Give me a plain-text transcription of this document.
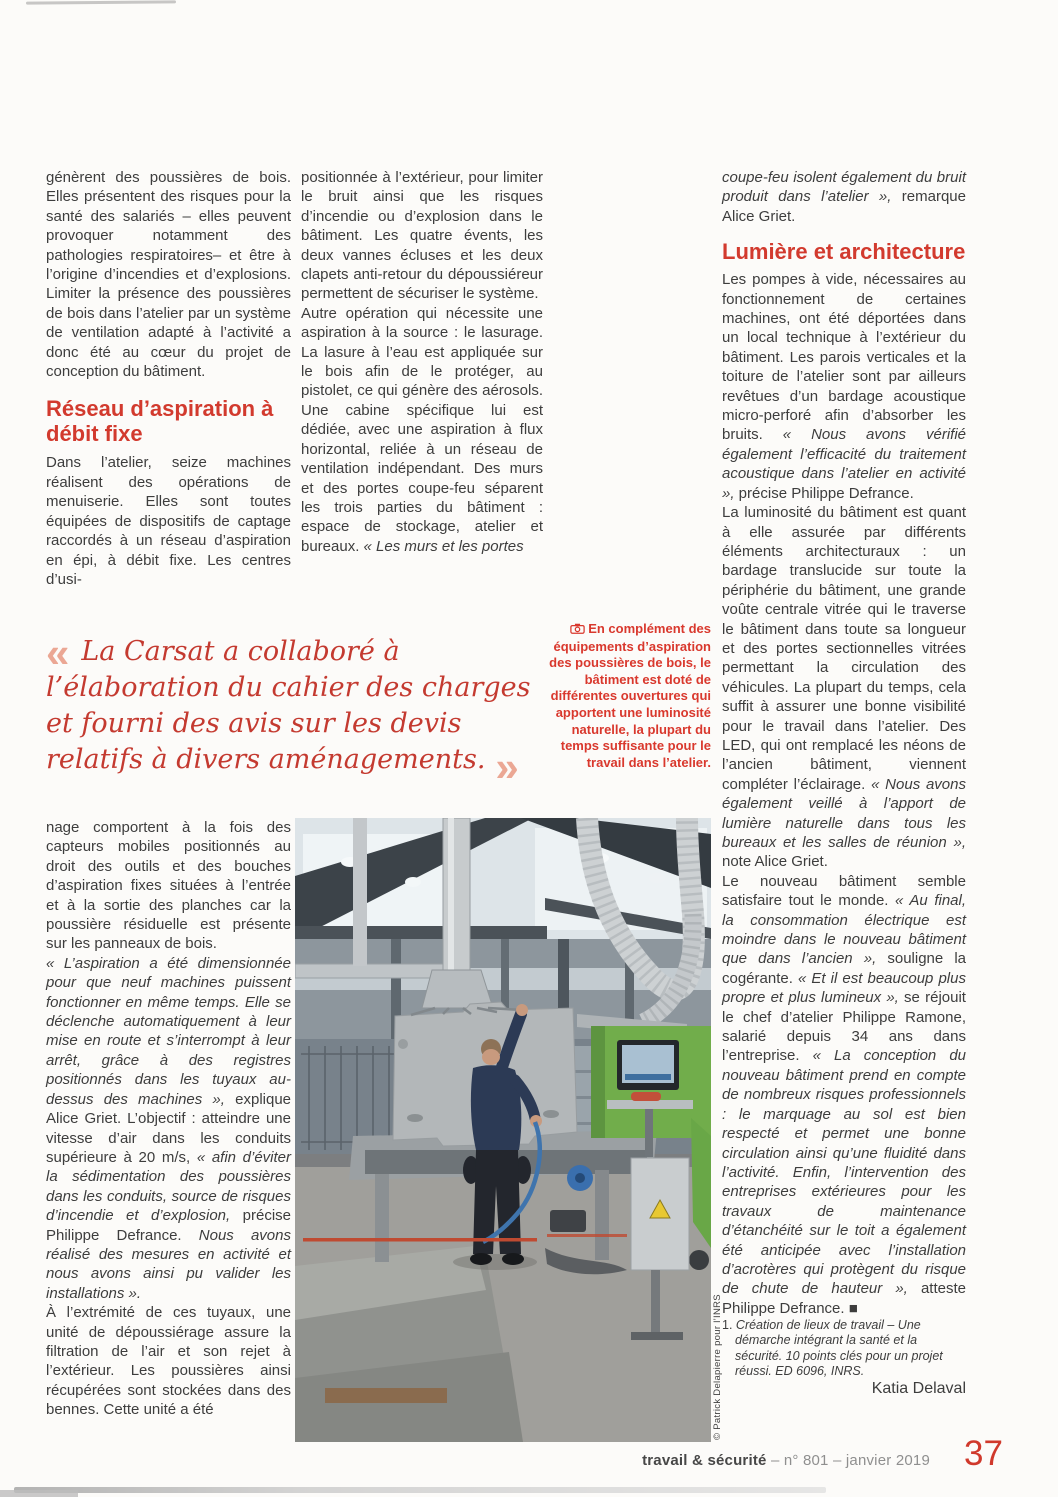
génèrent des poussières de bois. Elles présentent des risques pour la santé des salariés – elles peuvent provoquer notamment des pathologies respiratoires– et être à l’origine d’incendies et d’explosions. Limiter la présence des poussières de bois dans l’atelier par un système de ventilation adapté à l’activité a donc été au cœur du projet de conception du bâtiment.

Réseau d’aspiration à débit fixe

Dans l’atelier, seize machines réalisent des opérations de menuiserie. Elles sont toutes équipées de dispositifs de captage raccordés à un réseau d’aspiration en épi, à débit fixe. Les centres d’usi-

positionnée à l’extérieur, pour limiter le bruit ainsi que les risques d’incendie ou d’explosion dans le bâtiment. Les quatre évents, les deux vannes écluses et les deux clapets anti-retour du dépoussiéreur permettent de sécuriser le système.

Autre opération qui nécessite une aspiration à la source : le lasurage. La lasure à l’eau est appliquée sur le bois afin de le protéger, au pistolet, ce qui génère des aérosols. Une cabine spécifique lui est dédiée, avec une aspiration à flux horizontal, reliée à un réseau de ventilation indépendant. Des murs et des portes coupe-feu séparent les trois parties du bâtiment : espace de stockage, atelier et bureaux. « Les murs et les portes

coupe-feu isolent également du bruit produit dans l’atelier », remarque Alice Griet.

Lumière et architecture

Les pompes à vide, nécessaires au fonctionnement de certaines machines, ont été déportées dans un local technique à l’extérieur du bâtiment. Les parois verticales et la toiture de l’atelier sont par ailleurs revêtues d’un bardage acoustique micro-perforé afin d’absorber les bruits. « Nous avons vérifié également l’efficacité du traitement acoustique dans l’atelier en activité », précise Philippe Defrance.

La luminosité du bâtiment est quant à elle assurée par différents éléments architecturaux : un bardage translucide sur toute la périphérie du bâtiment, une grande voûte centrale vitrée qui le traverse le bâtiment dans toute sa longueur et des portes sectionnelles vitrées permettant la circulation des véhicules. La plupart du temps, cela suffit à assurer une bonne visibilité pour le travail dans l’atelier. Des LED, qui ont remplacé les néons de l’ancien bâtiment, viennent compléter l’éclairage. « Nous avons également veillé à l’apport de lumière naturelle dans tous les bureaux et les salles de réunion », note Alice Griet.

Le nouveau bâtiment semble satisfaire tout le monde. « Au final, la consommation électrique est moindre dans le nouveau bâtiment que dans l’ancien », souligne la cogérante. « Et il est beaucoup plus propre et plus lumineux », se réjouit le chef d’atelier Philippe Ramone, salarié depuis 34 ans dans l’entreprise. « La conception du nouveau bâtiment prend en compte de nombreux risques professionnels : le marquage au sol est bien respecté et permet une bonne circulation ainsi qu’une fluidité dans l’activité. Enfin, l’intervention des entreprises extérieures pour les travaux de maintenance d’étanchéité sur le toit a également été anticipée avec l’installation d’acrotères qui protègent du risque de chute de hauteur », atteste Philippe Defrance. ■

1. Création de lieux de travail – Une démarche intégrant la santé et la sécurité. 10 points clés pour un projet réussi. ED 6096, INRS.

Katia Delaval

« La Carsat a collaboré à l’élaboration du cahier des charges et fourni des avis sur les devis relatifs à divers aménagements. »
En complément des équipements d’aspiration des poussières de bois, le bâtiment est doté de différentes ouvertures qui apportent une luminosité naturelle, la plupart du temps suffisante pour le travail dans l’atelier.

nage comportent à la fois des capteurs mobiles positionnés au droit des outils et des bouches d’aspiration fixes situées à l’entrée et à la sortie des planches car la poussière résiduelle est présente sur les panneaux de bois.

« L’aspiration a été dimensionnée pour que neuf machines puissent fonctionner en même temps. Elle se déclenche automatiquement à leur mise en route et s’interrompt à leur arrêt, grâce à des registres positionnés dans les tuyaux au-dessus des machines », explique Alice Griet. L’objectif : atteindre une vitesse d’air dans les conduits supérieure à 20 m/s, « afin d’éviter la sédimentation des poussières dans les conduits, source de risques d’incendie et d’explosion, précise Philippe Defrance. Nous avons réalisé des mesures en activité et nous avons ainsi pu valider les installations ».

À l’extrémité de ces tuyaux, une unité de dépoussiérage assure la filtration de l’air et son rejet à l’extérieur. Les poussières ainsi récupérées sont stockées dans des bennes. Cette unité a été	© Patrick Delapierre pour l’INRS
travail & sécurité – n° 801 – janvier 2019 37
